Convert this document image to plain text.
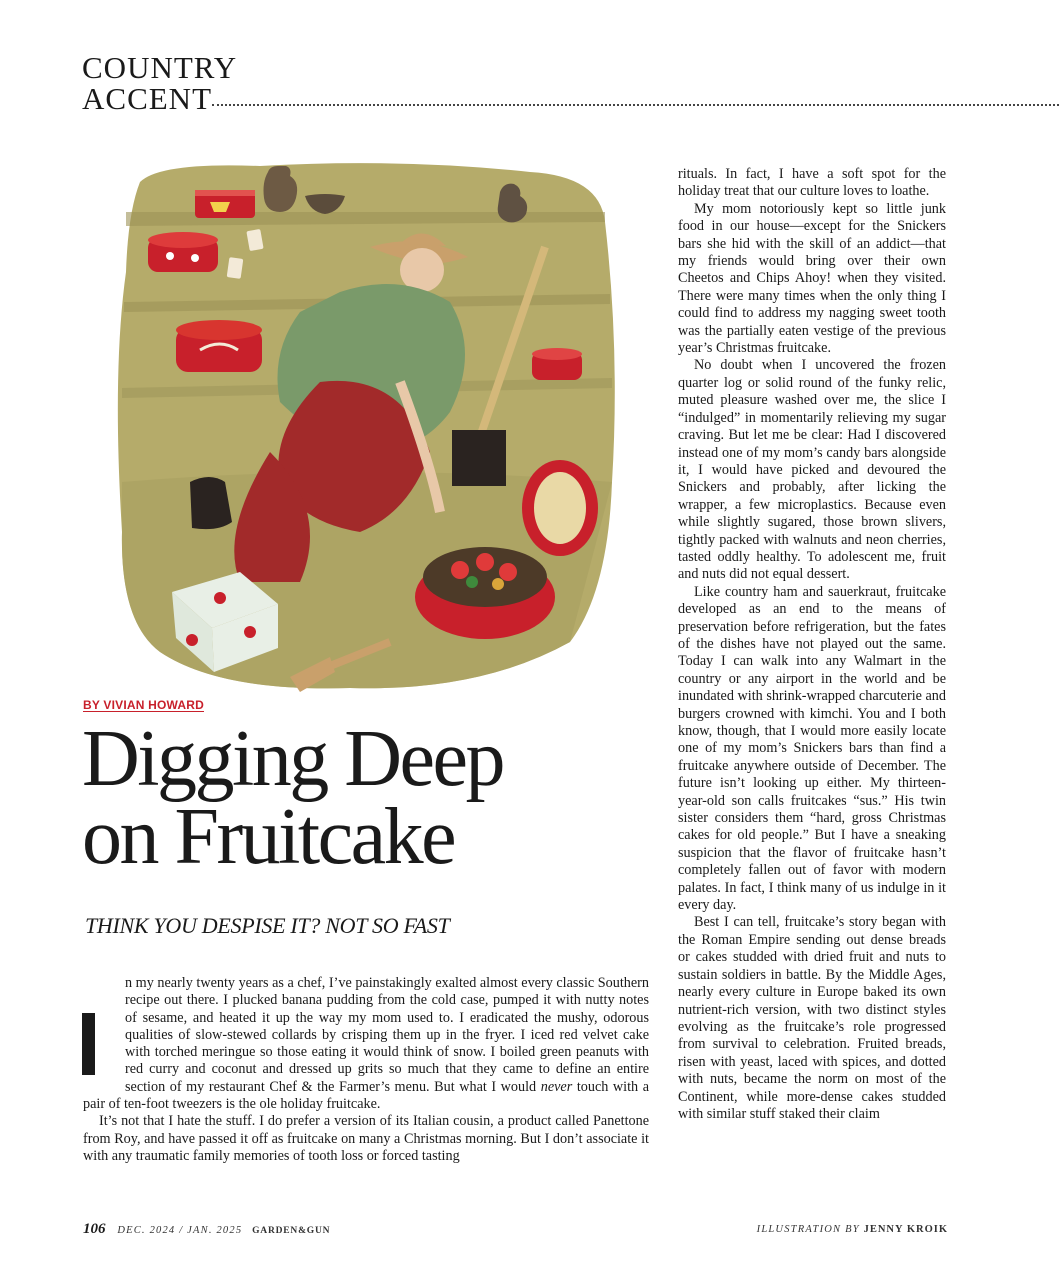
COUNTRY
ACCENT
BY VIVIAN HOWARD
Digging Deep
on Fruitcake
THINK YOU DESPISE IT? NOT SO FAST

n my nearly twenty years as a chef, I’ve painstakingly exalted almost every classic Southern recipe out there. I plucked banana pudding from the cold case, pumped it with nutty notes of sesame, and heated it up the way my mom used to. I eradicated the mushy, odorous qualities of slow-stewed collards by crisping them up in the fryer. I iced red velvet cake with torched meringue so those eating it would think of snow. I boiled green peanuts with red curry and coconut and dressed up grits so much that they came to define an entire section of my restaurant Chef & the Farmer’s menu. But what I would never touch with a pair of ten-foot tweezers is the ole holiday fruitcake.

It’s not that I hate the stuff. I do prefer a version of its Italian cousin, a product called Panettone from Roy, and have passed it off as fruitcake on many a Christmas morning. But I don’t associate it with any traumatic family memories of tooth loss or forced tasting

rituals. In fact, I have a soft spot for the holiday treat that our culture loves to loathe.

My mom notoriously kept so little junk food in our house—except for the Snickers bars she hid with the skill of an addict—that my friends would bring over their own Cheetos and Chips Ahoy! when they visited. There were many times when the only thing I could find to address my nagging sweet tooth was the partially eaten vestige of the previous year’s Christmas fruitcake.

No doubt when I uncovered the frozen quarter log or solid round of the funky relic, muted pleasure washed over me, the slice I “indulged” in momentarily relieving my sugar craving. But let me be clear: Had I discovered instead one of my mom’s candy bars alongside it, I would have picked and devoured the Snickers and probably, after licking the wrapper, a few microplastics. Because even while slightly sugared, those brown slivers, tightly packed with walnuts and neon cherries, tasted oddly healthy. To adolescent me, fruit and nuts did not equal dessert.

Like country ham and sauerkraut, fruitcake developed as an end to the means of preservation before refrigeration, but the fates of the dishes have not played out the same. Today I can walk into any Walmart in the country or any airport in the world and be inundated with shrink-wrapped charcuterie and burgers crowned with kimchi. You and I both know, though, that I would more easily locate one of my mom’s Snickers bars than find a fruitcake anywhere outside of December. The future isn’t looking up either. My thirteen-year-old son calls fruitcakes “sus.” His twin sister considers them “hard, gross Christmas cakes for old people.” But I have a sneaking suspicion that the flavor of fruitcake hasn’t completely fallen out of favor with modern palates. In fact, I think many of us indulge in it every day.

Best I can tell, fruitcake’s story began with the Roman Empire sending out dense breads or cakes studded with dried fruit and nuts to sustain soldiers in battle. By the Middle Ages, nearly every culture in Europe baked its own nutrient-rich version, with two distinct styles evolving as the fruitcake’s role progressed from survival to celebration. Fruited breads, risen with yeast, laced with spices, and dotted with nuts, became the norm on most of the Continent, while more-dense cakes studded with similar stuff staked their claim

106 DEC. 2024 / JAN. 2025 GARDEN&GUN	ILLUSTRATION BY JENNY KROIK
